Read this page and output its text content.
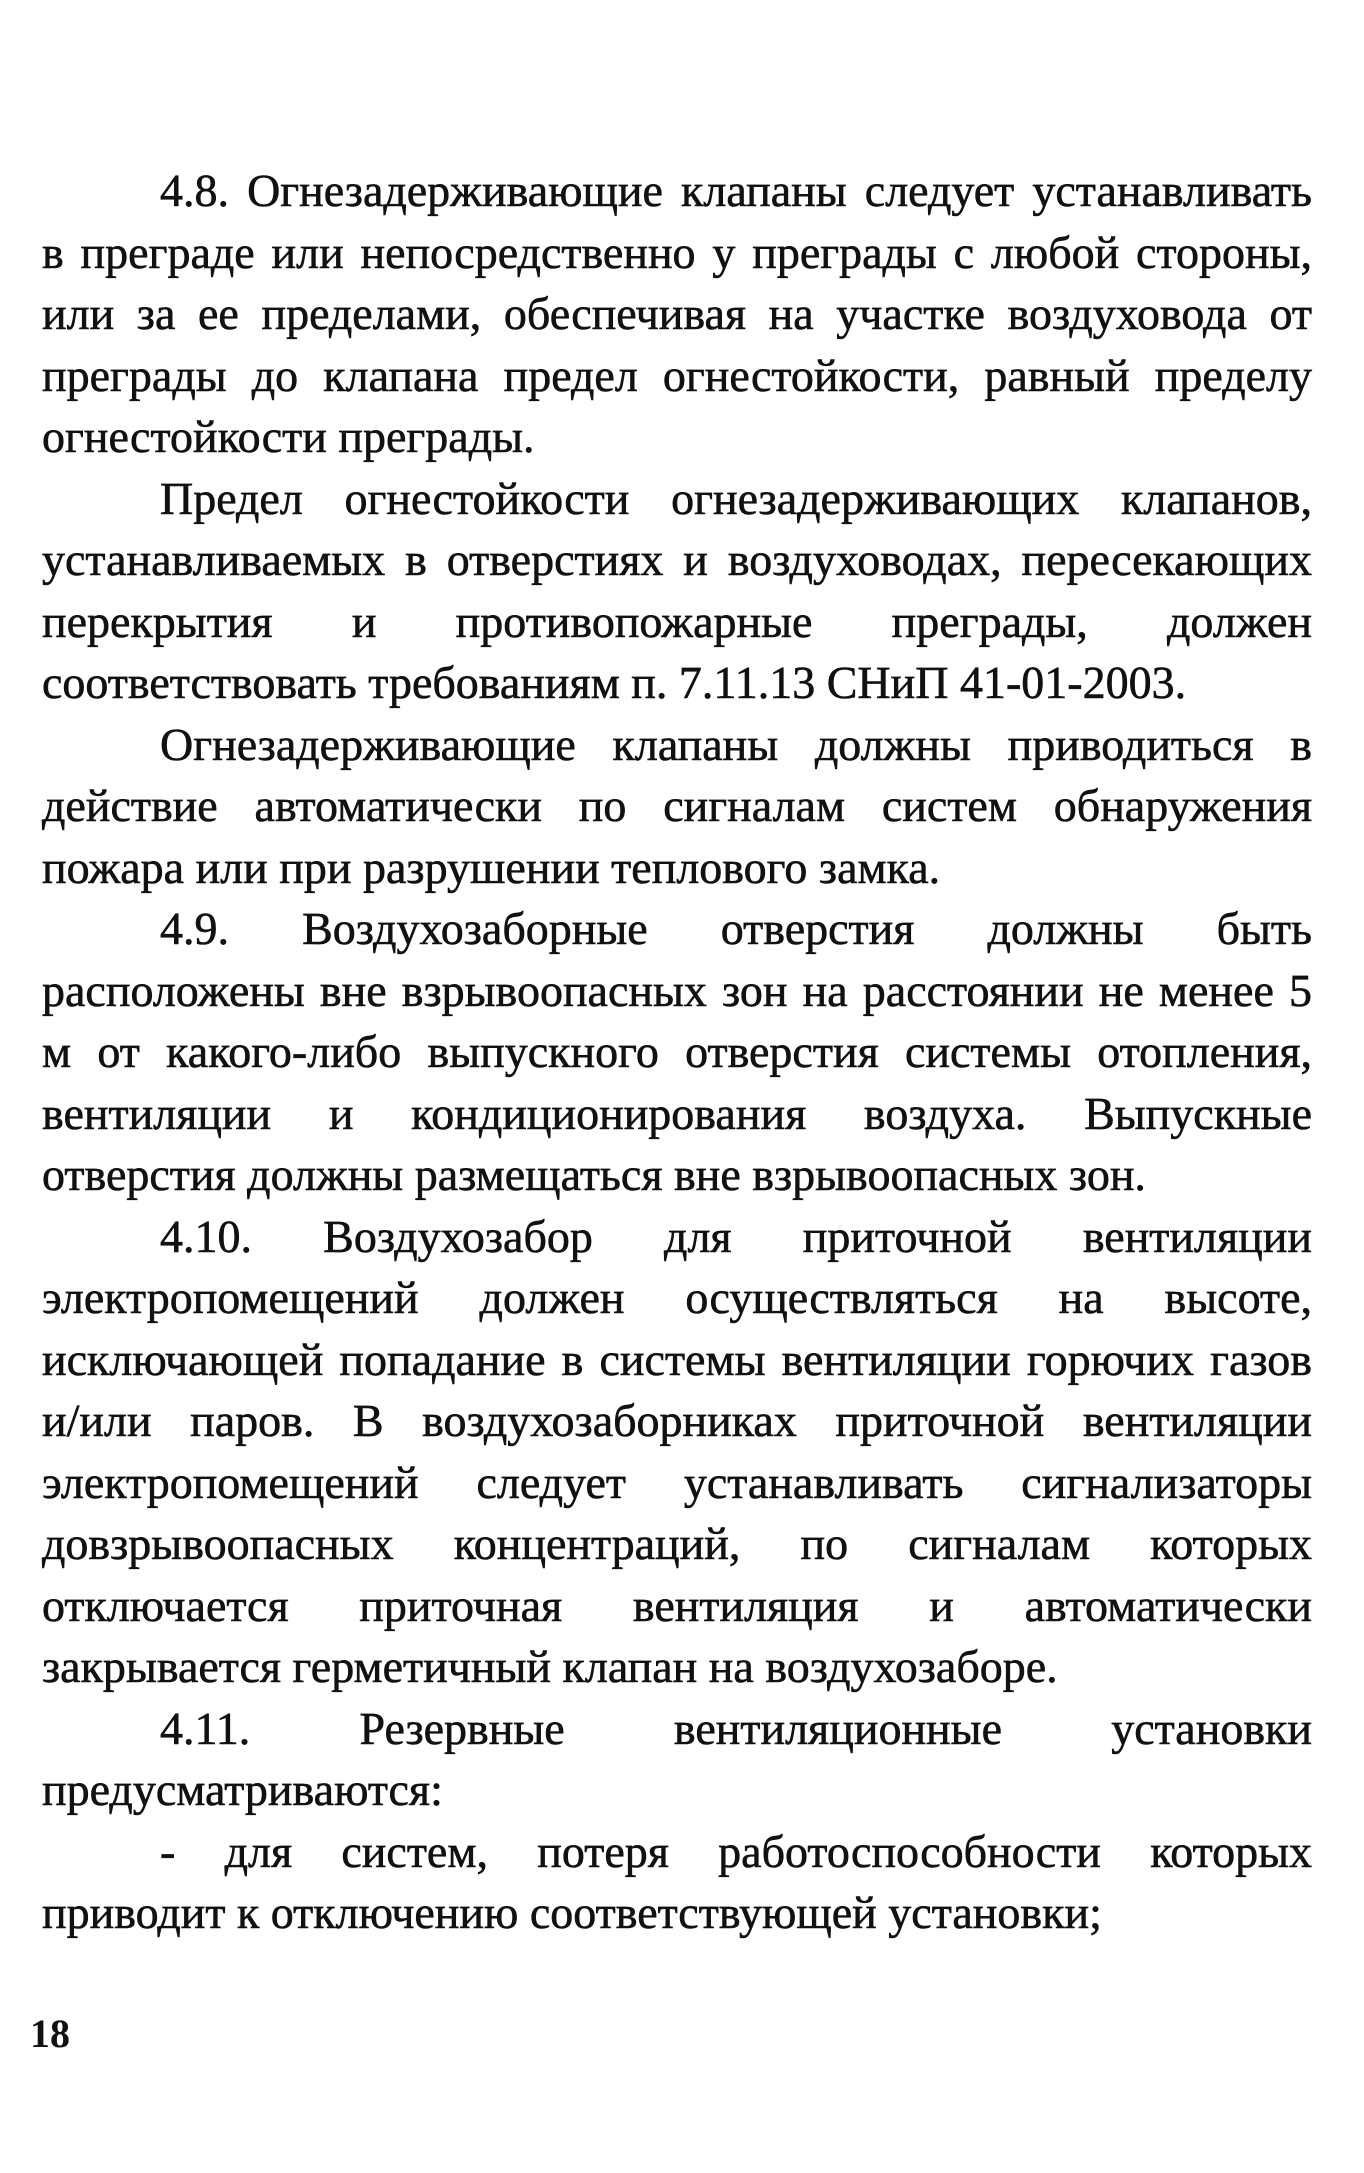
4.8. Огнезадерживающие клапаны следует устанавливать в преграде или непосредственно у преграды с любой стороны, или за ее пределами, обеспечивая на участке воздуховода от преграды до клапана предел огнестойкости, равный пределу огнестойкости преграды.

Предел огнестойкости огнезадерживающих клапанов, устанавливаемых в отверстиях и воздуховодах, пересекающих перекрытия и противопожарные преграды, должен соответствовать требованиям п. 7.11.13 СНиП 41-01-2003.

Огнезадерживающие клапаны должны приводиться в действие автоматически по сигналам систем обнаружения пожара или при разрушении теплового замка.

4.9. Воздухозаборные отверстия должны быть расположены вне взрывоопасных зон на расстоянии не менее 5 м от какого-либо выпускного отверстия системы отопления, вентиляции и кондиционирования воздуха. Выпускные отверстия должны размещаться вне взрывоопасных зон.

4.10. Воздухозабор для приточной вентиляции электропомещений должен осуществляться на высоте, исключающей попадание в системы вентиляции горючих газов и/или паров. В воздухозаборниках приточной вентиляции электропомещений следует устанавливать сигнализаторы довзрывоопасных концентраций, по сигналам которых отключается приточная вентиляция и автоматически закрывается герметичный клапан на воздухозаборе.

4.11. Резервные вентиляционные установки предусматриваются:

- для систем, потеря работоспособности которых приводит к отключению соответствующей установки;

18
